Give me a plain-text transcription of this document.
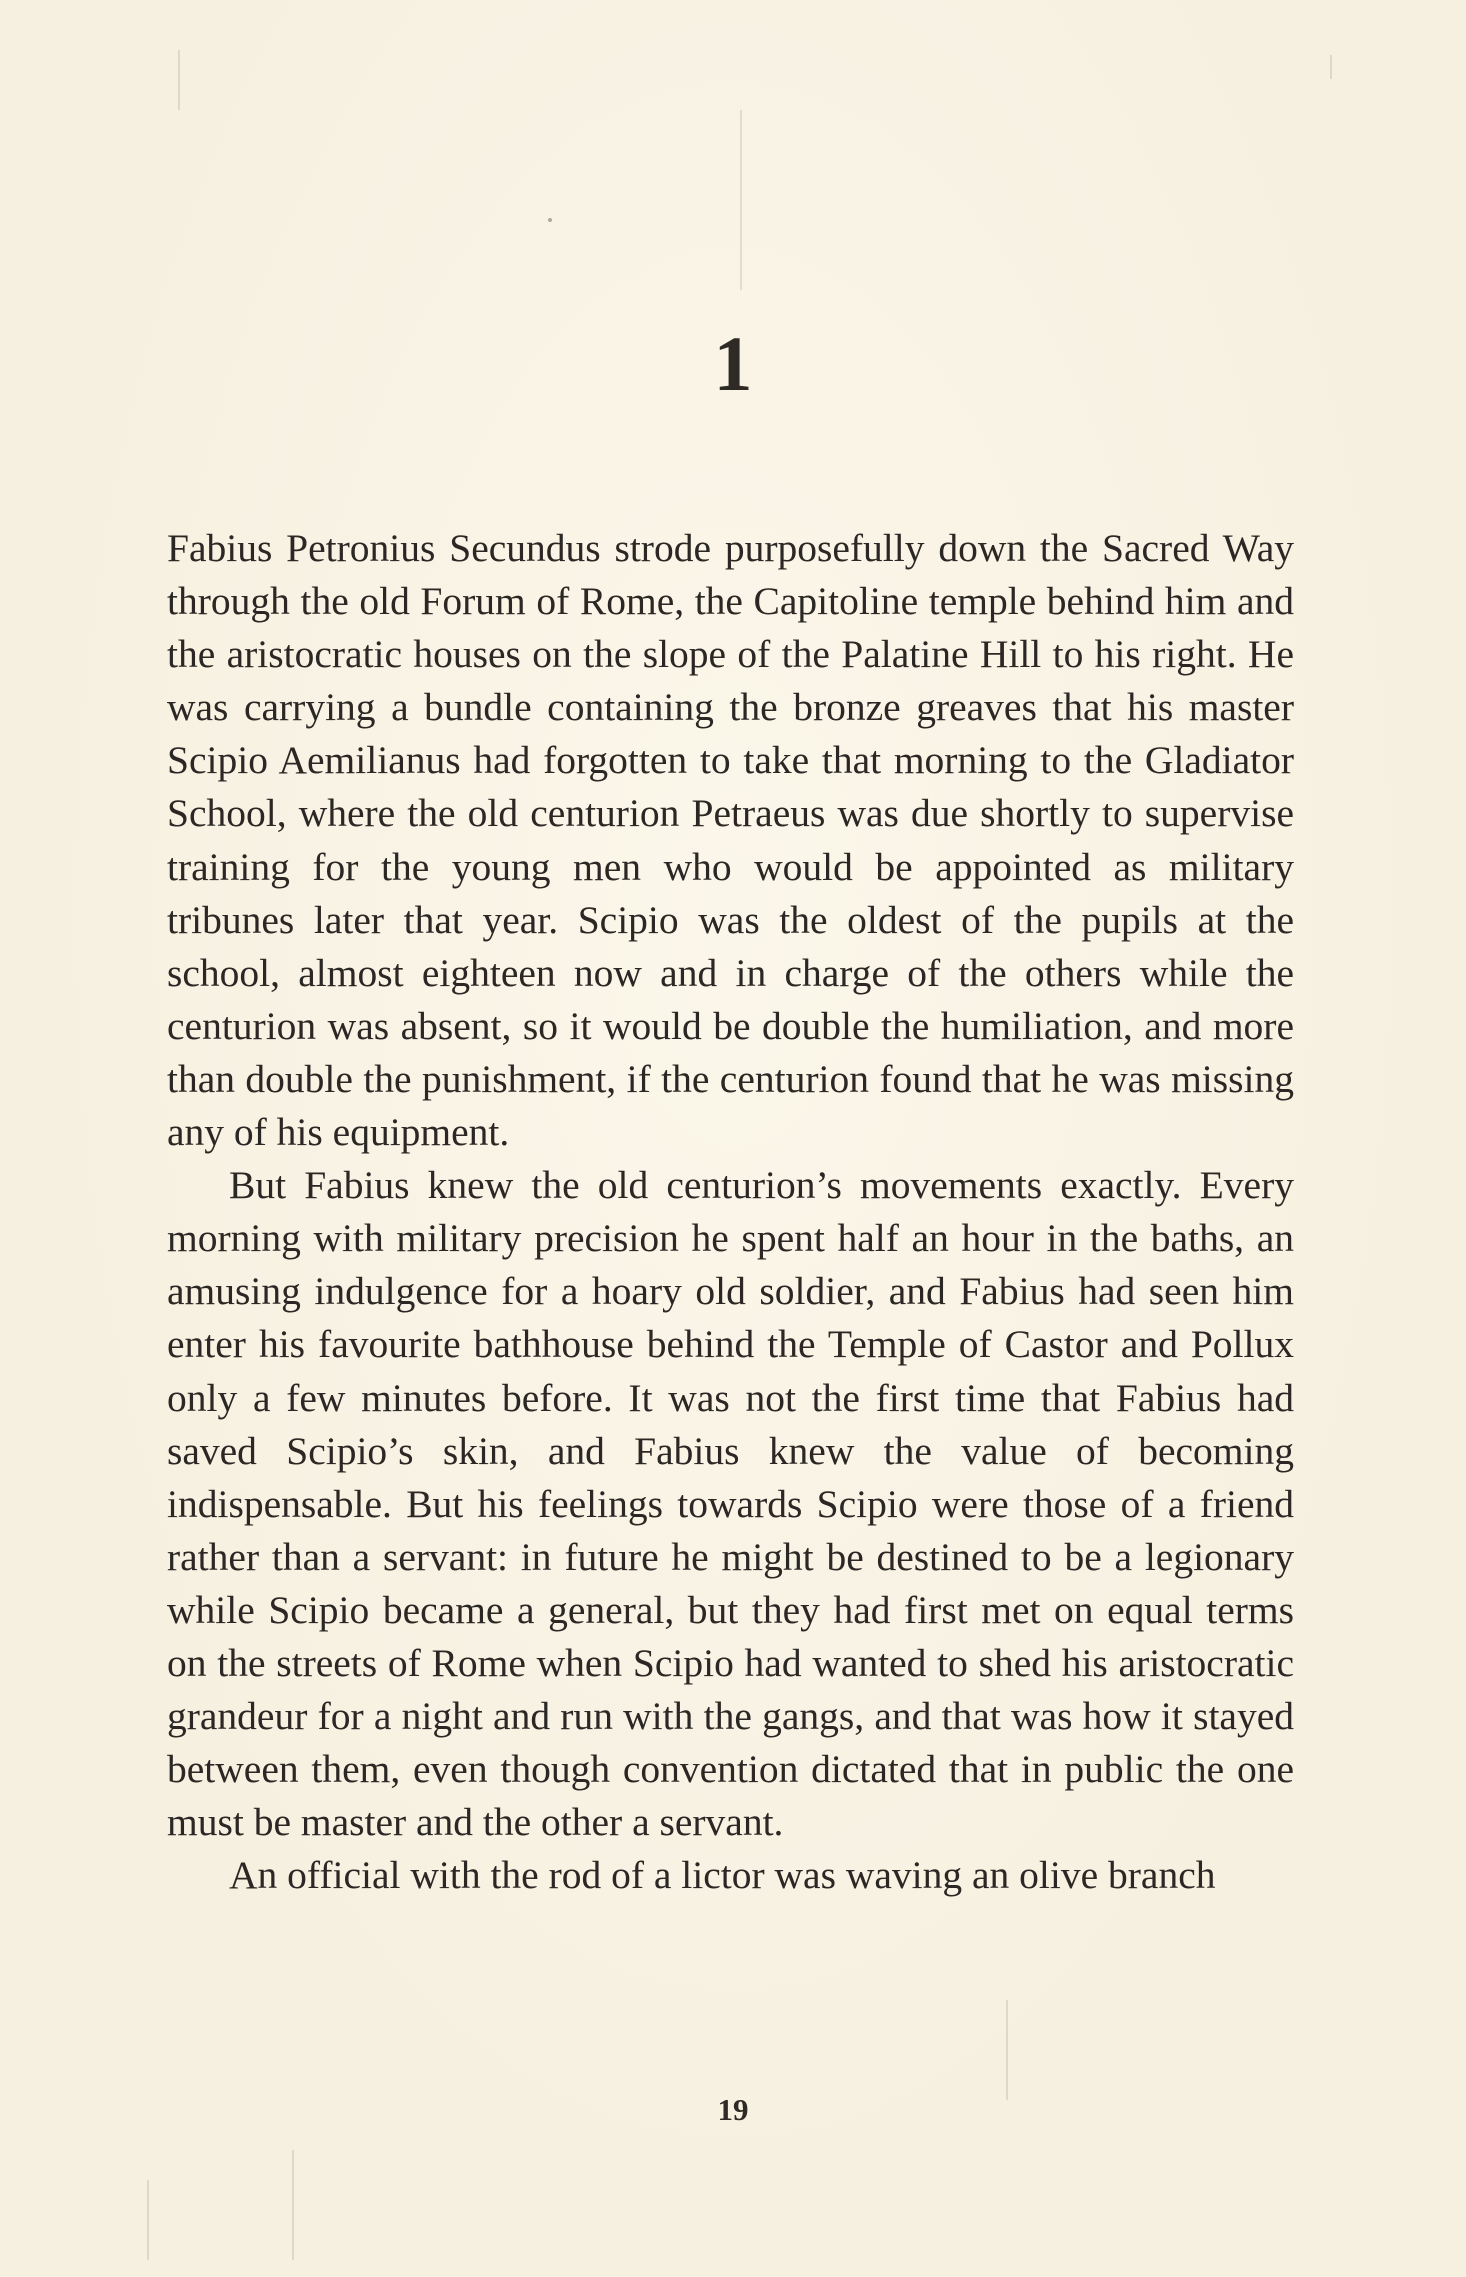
1

Fabius Petronius Secundus strode purposefully down the Sacred Way through the old Forum of Rome, the Capitoline temple behind him and the aristocratic houses on the slope of the Palatine Hill to his right. He was carrying a bundle containing the bronze greaves that his master Scipio Aemilianus had forgotten to take that morning to the Gladiator School, where the old centurion Petraeus was due shortly to supervise training for the young men who would be appointed as military tribunes later that year. Scipio was the oldest of the pupils at the school, almost eighteen now and in charge of the others while the centurion was absent, so it would be double the humiliation, and more than double the punishment, if the centurion found that he was missing any of his equipment.

But Fabius knew the old centurion’s movements exactly. Every morning with military precision he spent half an hour in the baths, an amusing indulgence for a hoary old soldier, and Fabius had seen him enter his favourite bathhouse behind the Temple of Castor and Pollux only a few minutes before. It was not the first time that Fabius had saved Scipio’s skin, and Fabius knew the value of becoming indispensable. But his feelings towards Scipio were those of a friend rather than a servant: in future he might be destined to be a legionary while Scipio became a general, but they had first met on equal terms on the streets of Rome when Scipio had wanted to shed his aristocratic grandeur for a night and run with the gangs, and that was how it stayed between them, even though convention dictated that in public the one must be master and the other a servant.

An official with the rod of a lictor was waving an olive branch

19
